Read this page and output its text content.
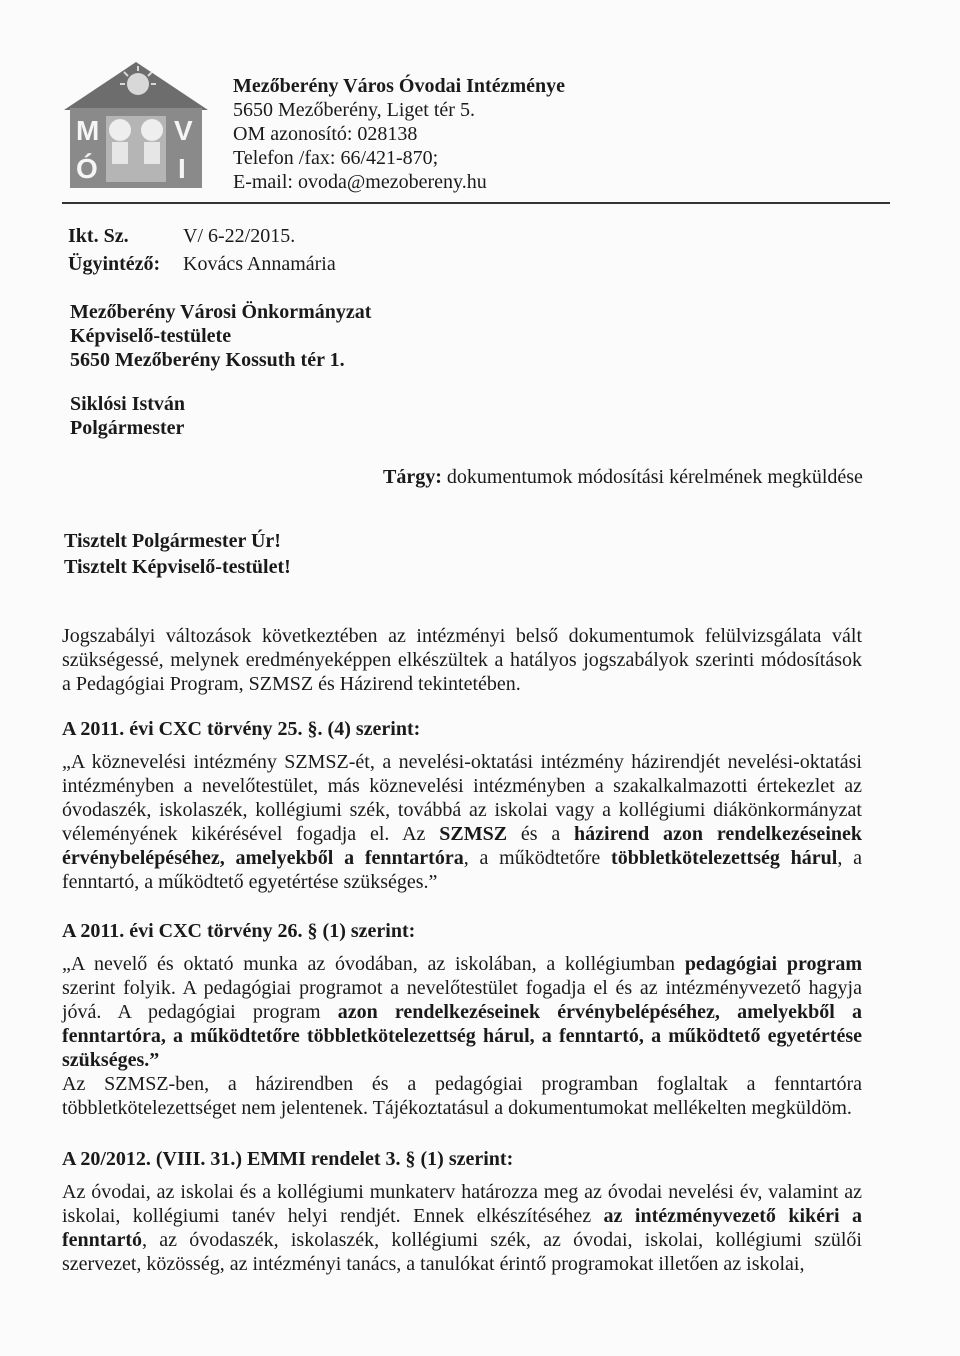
M	V
Ó	I
Mezőberény Város Óvodai Intézménye
5650 Mezőberény, Liget tér 5.
OM azonosító: 028138
Telefon /fax: 66/421-870;
E-mail: ovoda@mezobereny.hu
Ikt. Sz.	V/ 6-22/2015.
Ügyintéző:	Kovács Annamária
Mezőberény Városi Önkormányzat
Képviselő-testülete
5650 Mezőberény Kossuth tér 1.
Siklósi István
Polgármester
Tárgy: dokumentumok módosítási kérelmének megküldése
Tisztelt Polgármester Úr!
Tisztelt Képviselő-testület!
Jogszabályi változások következtében az intézményi belső dokumentumok felülvizsgálata vált szükségessé, melynek eredményeképpen elkészültek a hatályos jogszabályok szerinti módosítások a Pedagógiai Program, SZMSZ és Házirend tekintetében.
A 2011. évi CXC törvény 25. §. (4) szerint:
„A köznevelési intézmény SZMSZ-ét, a nevelési-oktatási intézmény házirendjét nevelési-oktatási intézményben a nevelőtestület, más köznevelési intézményben a szakalkalmazotti értekezlet az óvodaszék, iskolaszék, kollégiumi szék, továbbá az iskolai vagy a kollégiumi diákönkormányzat véleményének kikérésével fogadja el. Az SZMSZ és a házirend azon rendelkezéseinek érvénybelépéséhez, amelyekből a fenntartóra, a működtetőre többletkötelezettség hárul, a fenntartó, a működtető egyetértése szükséges.”
A 2011. évi CXC törvény 26. § (1) szerint:
„A nevelő és oktató munka az óvodában, az iskolában, a kollégiumban pedagógiai program szerint folyik. A pedagógiai programot a nevelőtestület fogadja el és az intézményvezető hagyja jóvá. A pedagógiai program azon rendelkezéseinek érvénybelépéséhez, amelyekből a fenntartóra, a működtetőre többletkötelezettség hárul, a fenntartó, a működtető egyetértése szükséges.”
Az SZMSZ-ben, a házirendben és a pedagógiai programban foglaltak a fenntartóra többletkötelezettséget nem jelentenek. Tájékoztatásul a dokumentumokat mellékelten megküldöm.
A 20/2012. (VIII. 31.) EMMI rendelet 3. § (1) szerint:
Az óvodai, az iskolai és a kollégiumi munkaterv határozza meg az óvodai nevelési év, valamint az iskolai, kollégiumi tanév helyi rendjét. Ennek elkészítéséhez az intézményvezető kikéri a fenntartó, az óvodaszék, iskolaszék, kollégiumi szék, az óvodai, iskolai, kollégiumi szülői szervezet, közösség, az intézményi tanács, a tanulókat érintő programokat illetően az iskolai,
